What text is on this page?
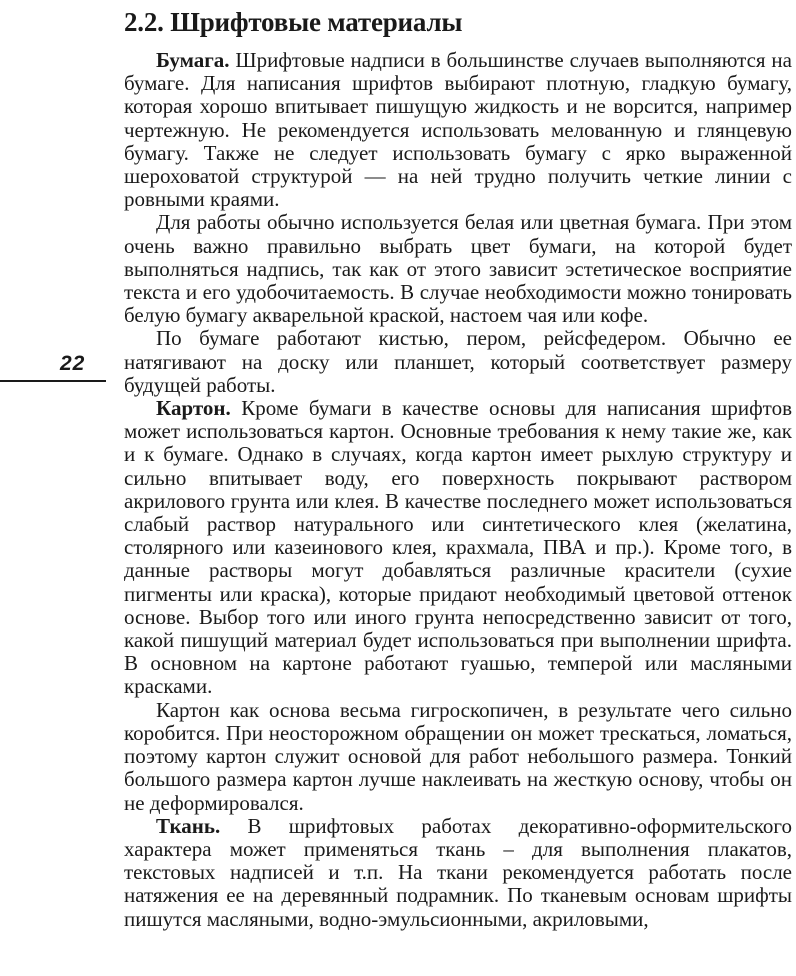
22
2.2. Шрифтовые материалы

Бумага. Шрифтовые надписи в большинстве случаев выполняются на бумаге. Для написания шрифтов выбирают плотную, гладкую бумагу, которая хорошо впитывает пишущую жидкость и не ворсится, например чертежную. Не рекомендуется использовать мелованную и глянцевую бумагу. Также не следует использовать бумагу с ярко выраженной шероховатой структурой — на ней трудно получить четкие линии с ровными краями.

Для работы обычно используется белая или цветная бумага. При этом очень важно правильно выбрать цвет бумаги, на которой будет выполняться надпись, так как от этого зависит эстетическое восприятие текста и его удобочитаемость. В случае необходимости можно тонировать белую бумагу акварельной краской, настоем чая или кофе.

По бумаге работают кистью, пером, рейсфедером. Обычно ее натягивают на доску или планшет, который соответствует размеру будущей работы.

Картон. Кроме бумаги в качестве основы для написания шрифтов может использоваться картон. Основные требования к нему такие же, как и к бумаге. Однако в случаях, когда картон имеет рыхлую структуру и сильно впитывает воду, его поверхность покрывают раствором акрилового грунта или клея. В качестве последнего может использоваться слабый раствор натурального или синтетического клея (желатина, столярного или казеинового клея, крахмала, ПВА и пр.). Кроме того, в данные растворы могут добавляться различные красители (сухие пигменты или краска), которые придают необходимый цветовой оттенок основе. Выбор того или иного грунта непосредственно зависит от того, какой пишущий материал будет использоваться при выполнении шрифта. В основном на картоне работают гуашью, темперой или масляными красками.

Картон как основа весьма гигроскопичен, в результате чего сильно коробится. При неосторожном обращении он может трескаться, ломаться, поэтому картон служит основой для работ небольшого размера. Тонкий большого размера картон лучше наклеивать на жесткую основу, чтобы он не деформировался.

Ткань. В шрифтовых работах декоративно-оформительского характера может применяться ткань – для выполнения плакатов, текстовых надписей и т.п. На ткани рекомендуется работать после натяжения ее на деревянный подрамник. По тканевым основам шрифты пишутся масляными, водно-эмульсионными, акриловыми,
